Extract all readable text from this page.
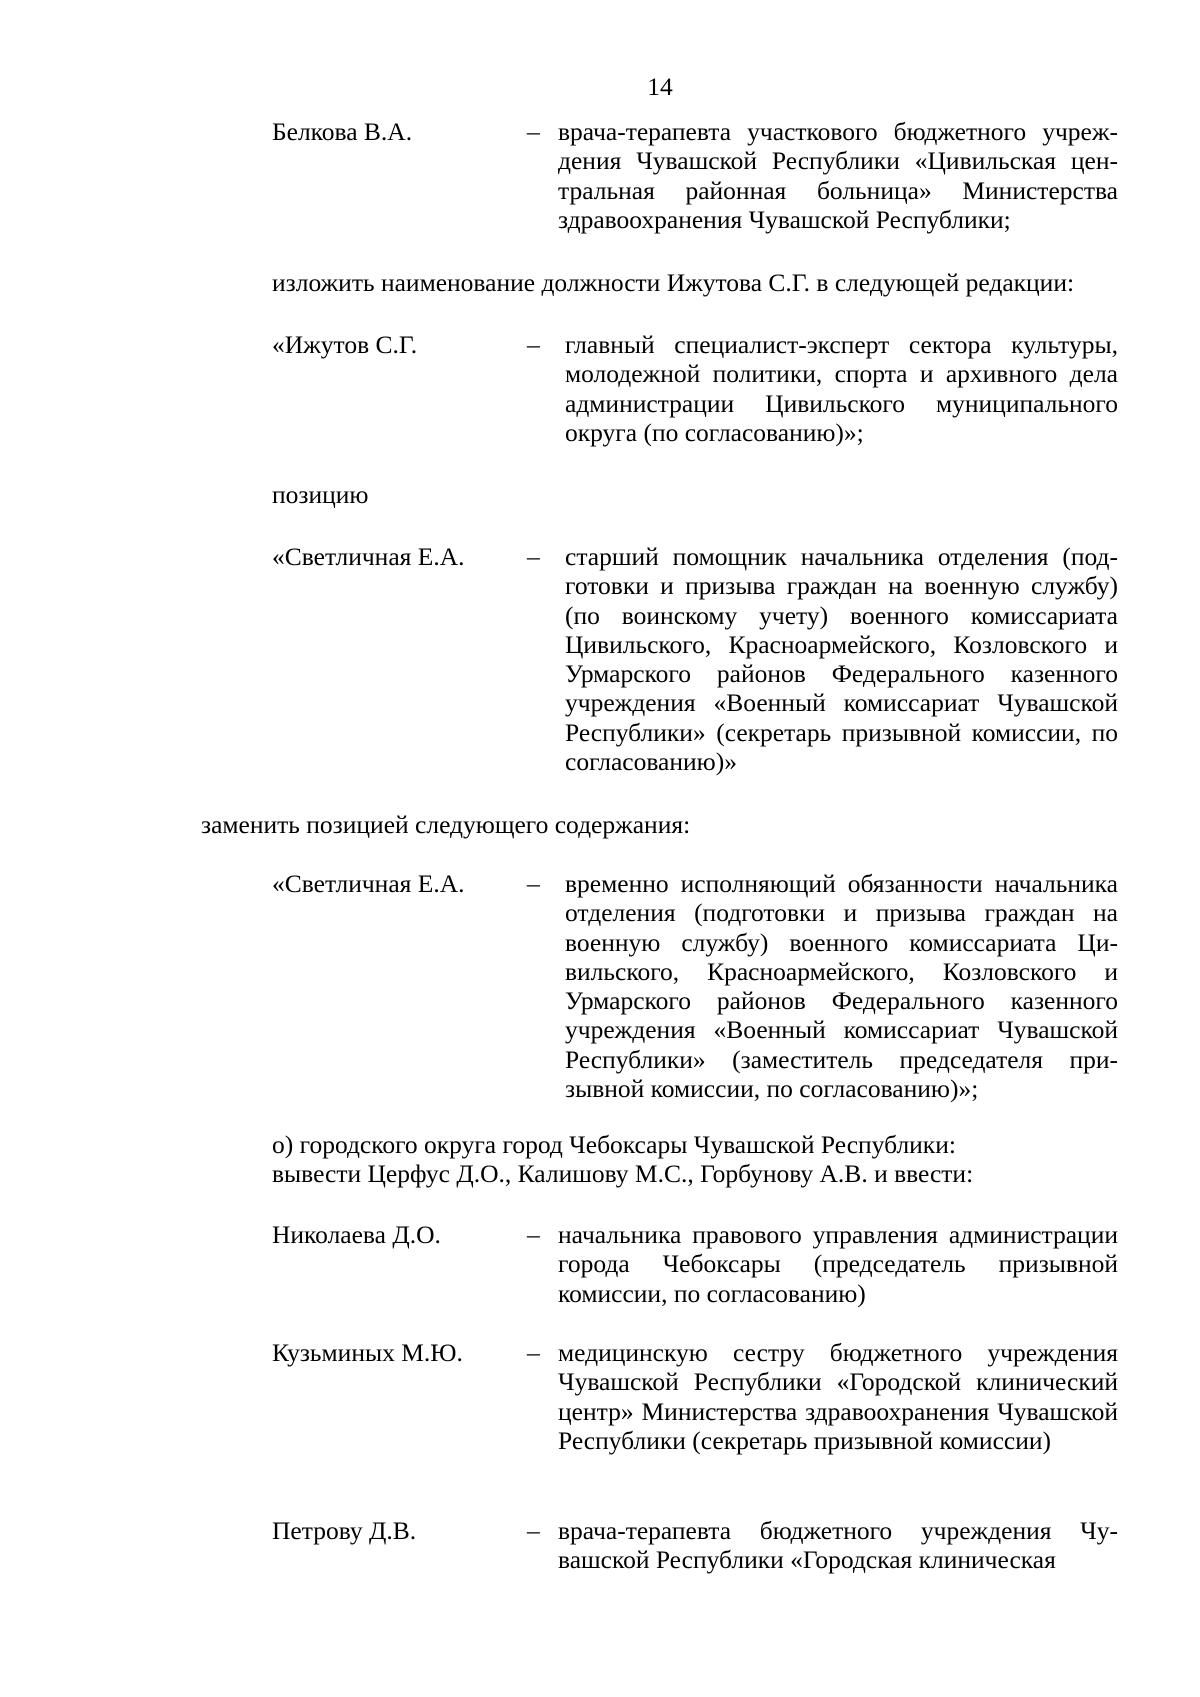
14
Белкова В.А.	– врача-терапевта участкового бюджетного учреждения Чувашской Республики «Цивильская центральная районная больница» Министерства здравоохранения Чувашской Республики;
изложить наименование должности Ижутова С.Г. в следующей редакции:
«Ижутов С.Г.	– главный специалист-эксперт сектора культуры, молодежной политики, спорта и архивного дела администрации Цивильского муниципального округа (по согласованию)»;
позицию
«Светличная Е.А. – старший помощник начальника отделения (подготовки и призыва граждан на военную службу) (по воинскому учету) военного комиссариата Цивильского, Красноармейского, Козловского и Урмарского районов Федерального казенного учреждения «Военный комиссариат Чувашской Республики» (секретарь призывной комиссии, по согласованию)»
заменить позицией следующего содержания:
«Светличная Е.А. – временно исполняющий обязанности начальника отделения (подготовки и призыва граждан на военную службу) военного комиссариата Цивильского, Красноармейского, Козловского и Урмарского районов Федерального казенного учреждения «Военный комиссариат Чувашской Республики» (заместитель председателя призывной комиссии, по согласованию)»;
о) городского округа город Чебоксары Чувашской Республики:
вывести Церфус Д.О., Калишову М.С., Горбунову А.В. и ввести:
Николаева Д.О.	– начальника правового управления администрации города Чебоксары (председатель призывной комиссии, по согласованию)
Кузьминых М.Ю.	– медицинскую сестру бюджетного учреждения Чувашской Республики «Городской клинический центр» Министерства здравоохранения Чувашской Республики (секретарь призывной комиссии)
Петрову Д.В.	– врача-терапевта бюджетного учреждения Чувашской Республики «Городская клиническая
